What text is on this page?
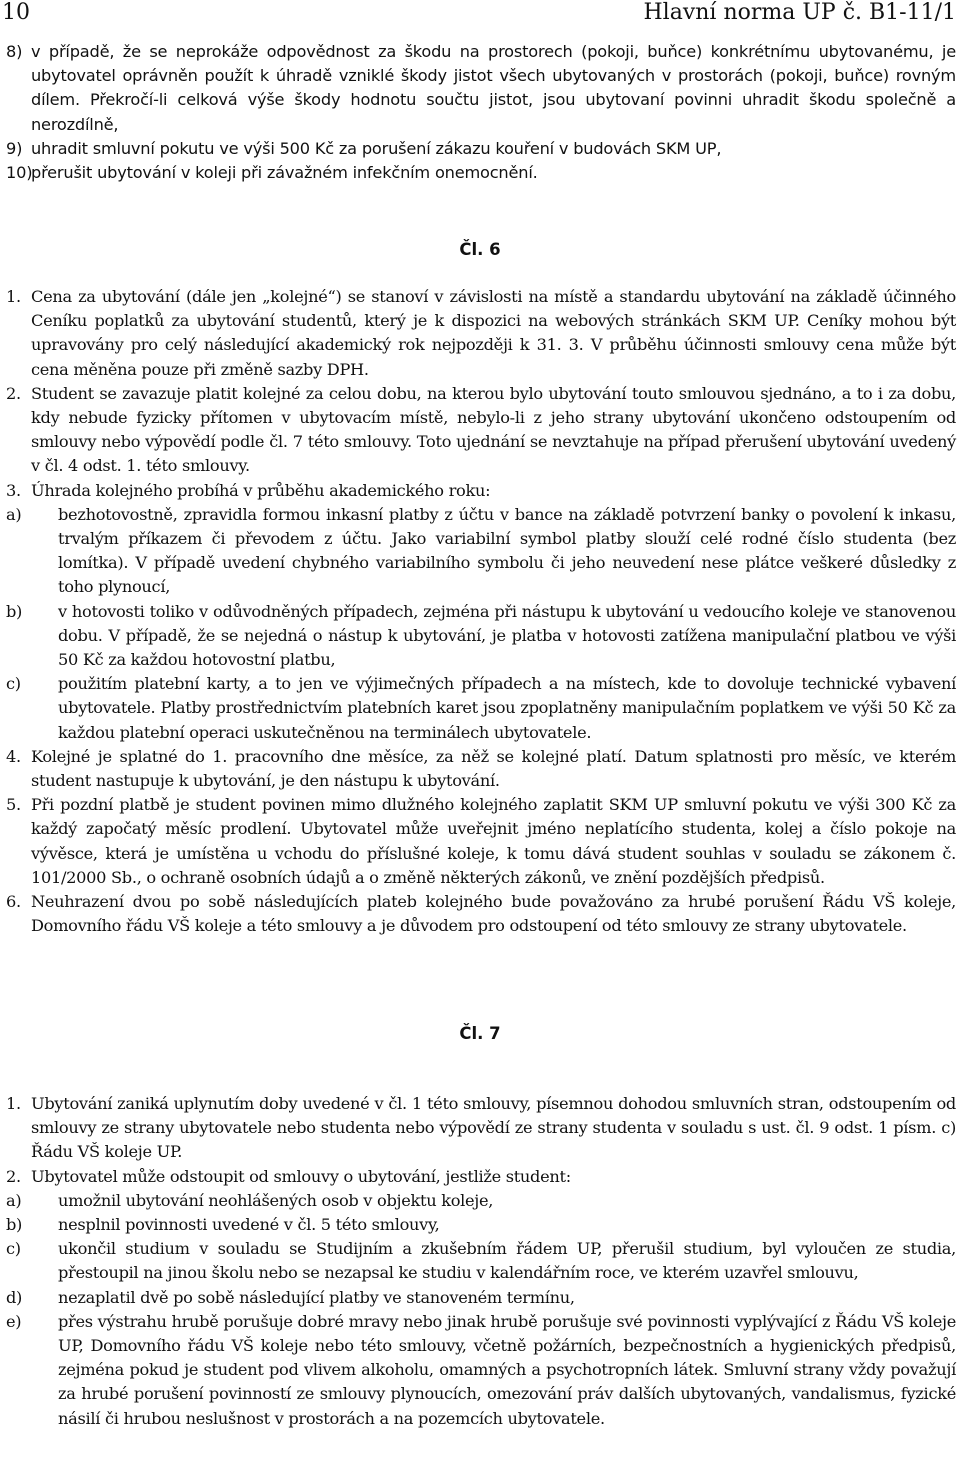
10	Hlavní norma UP č. B1-11/1
8) v případě, že se neprokáže odpovědnost za škodu na prostorech (pokoji, buňce) konkrétnímu ubytovanému, je ubytovatel oprávněn použít k úhradě vzniklé škody jistot všech ubytovaných v prostorách (pokoji, buňce) rovným dílem. Překročí-li celková výše škody hodnotu součtu jistot, jsou ubytovaní povinni uhradit škodu společně a nerozdílně,
9) uhradit smluvní pokutu ve výši 500 Kč za porušení zákazu kouření v budovách SKM UP,
10)
přerušit ubytování v koleji při závažném infekčním onemocnění.
Čl. 6
1. Cena za ubytování (dále jen „kolejné“) se stanoví v závislosti na místě a standardu ubytování na základě účinného Ceníku poplatků za ubytování studentů, který je k dispozici na webových stránkách SKM UP. Ceníky mohou být upravovány pro celý následující akademický rok nejpozději k 31. 3. V průběhu účinnosti smlouvy cena může být cena měněna pouze při změně sazby DPH.
2. Student se zavazuje platit kolejné za celou dobu, na kterou bylo ubytování touto smlouvou sjednáno, a to i za dobu, kdy nebude fyzicky přítomen v ubytovacím místě, nebylo-li z jeho strany ubytování ukončeno odstoupením od smlouvy nebo výpovědí podle čl. 7 této smlouvy. Toto ujednání se nevztahuje na případ přerušení ubytování uvedený v čl. 4 odst. 1. této smlouvy.
3. Úhrada kolejného probíhá v průběhu akademického roku:
a) bezhotovostně, zpravidla formou inkasní platby z účtu v bance na základě potvrzení banky o povolení k inkasu, trvalým příkazem či převodem z účtu. Jako variabilní symbol platby slouží celé rodné číslo studenta (bez lomítka). V případě uvedení chybného variabilního symbolu či jeho neuvedení nese plátce veškeré důsledky z toho plynoucí,
b) v hotovosti toliko v odůvodněných případech, zejména při nástupu k ubytování u vedoucího koleje ve stanovenou dobu. V případě, že se nejedná o nástup k ubytování, je platba v hotovosti zatížena manipulační platbou ve výši 50 Kč za každou hotovostní platbu,
c) použitím platební karty, a to jen ve výjimečných případech a na místech, kde to dovoluje technické vybavení ubytovatele. Platby prostřednictvím platebních karet jsou zpoplatněny manipulačním poplatkem ve výši 50 Kč za každou platební operaci uskutečněnou na terminálech ubytovatele.
4. Kolejné je splatné do 1. pracovního dne měsíce, za něž se kolejné platí. Datum splatnosti pro měsíc, ve kterém student nastupuje k ubytování, je den nástupu k ubytování.
5. Při pozdní platbě je student povinen mimo dlužného kolejného zaplatit SKM UP smluvní pokutu ve výši 300 Kč za každý započatý měsíc prodlení. Ubytovatel může uveřejnit jméno neplatícího studenta, kolej a číslo pokoje na vývěsce, která je umístěna u vchodu do příslušné koleje, k tomu dává student souhlas v souladu se zákonem č. 101/2000 Sb., o ochraně osobních údajů a o změně některých zákonů, ve znění pozdějších předpisů.
6. Neuhrazení dvou po sobě následujících plateb kolejného bude považováno za hrubé porušení Řádu VŠ koleje, Domovního řádu VŠ koleje a této smlouvy a je důvodem pro odstoupení od této smlouvy ze strany ubytovatele.
Čl. 7
1. Ubytování zaniká uplynutím doby uvedené v čl. 1 této smlouvy, písemnou dohodou smluvních stran, odstoupením od smlouvy ze strany ubytovatele nebo studenta nebo výpovědí ze strany studenta v souladu s ust. čl. 9 odst. 1 písm. c) Řádu VŠ koleje UP.
2. Ubytovatel může odstoupit od smlouvy o ubytování, jestliže student:
a) umožnil ubytování neohlášených osob v objektu koleje,
b) nesplnil povinnosti uvedené v čl. 5 této smlouvy,
c) ukončil studium v souladu se Studijním a zkušebním řádem UP, přerušil studium, byl vyloučen ze studia, přestoupil na jinou školu nebo se nezapsal ke studiu v kalendářním roce, ve kterém uzavřel smlouvu,
d) nezaplatil dvě po sobě následující platby ve stanoveném termínu,
e) přes výstrahu hrubě porušuje dobré mravy nebo jinak hrubě porušuje své povinnosti vyplývající z Řádu VŠ koleje UP, Domovního řádu VŠ koleje nebo této smlouvy, včetně požárních, bezpečnostních a hygienických předpisů, zejména pokud je student pod vlivem alkoholu, omamných a psychotropních látek. Smluvní strany vždy považují za hrubé porušení povinností ze smlouvy plynoucích, omezování práv dalších ubytovaných, vandalismus, fyzické násilí či hrubou neslušnost v prostorách a na pozemcích ubytovatele.
